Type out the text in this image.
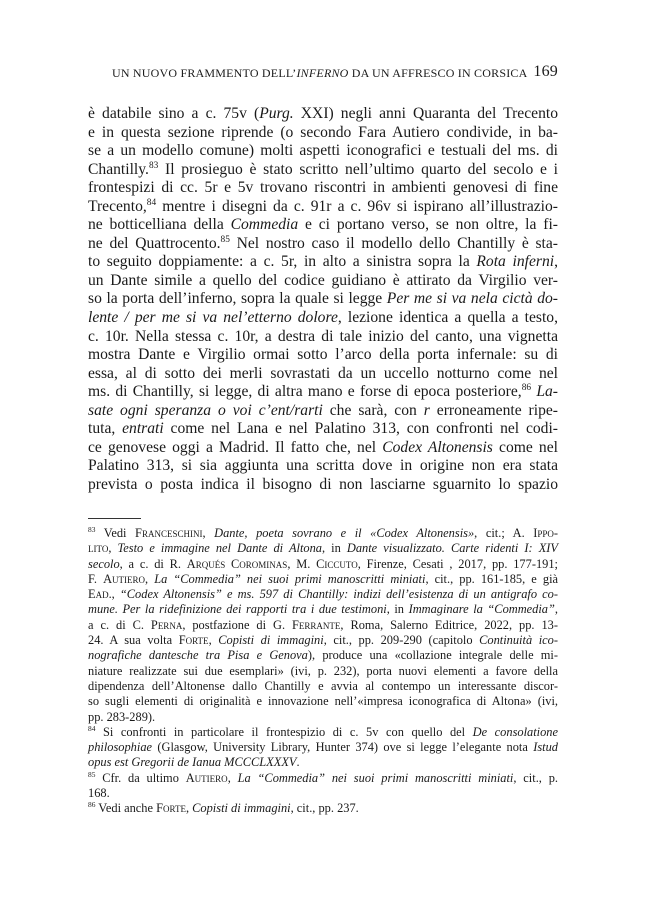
UN NUOVO FRAMMENTO DELL’INFERNO DA UN AFFRESCO IN CORSICA 169
è databile sino a c. 75v (Purg. XXI) negli anni Quaranta del Trecento
e in questa sezione riprende (o secondo Fara Autiero condivide, in ba-
se a un modello comune) molti aspetti iconografici e testuali del ms. di
Chantilly.$^{83}$ Il prosieguo è stato scritto nell’ultimo quarto del secolo e i
frontespizi di cc. 5r e 5v trovano riscontri in ambienti genovesi di fine
Trecento,$^{84}$ mentre i disegni da c. 91r a c. 96v si ispirano all’illustrazio-
ne botticelliana della Commedia e ci portano verso, se non oltre, la fi-
ne del Quattrocento.$^{85}$ Nel nostro caso il modello dello Chantilly è sta-
to seguito doppiamente: a c. 5r, in alto a sinistra sopra la Rota inferni,
un Dante simile a quello del codice guidiano è attirato da Virgilio ver-
so la porta dell’inferno, sopra la quale si legge Per me si va nela cictà do-
lente / per me si va nel’etterno dolore, lezione identica a quella a testo,
c. 10r. Nella stessa c. 10r, a destra di tale inizio del canto, una vignetta
mostra Dante e Virgilio ormai sotto l’arco della porta infernale: su di
essa, al di sotto dei merli sovrastati da un uccello notturno come nel
ms. di Chantilly, si legge, di altra mano e forse di epoca posteriore,$^{86}$ La-
sate ogni speranza o voi c’ent/rarti che sarà, con r erroneamente ripe-
tuta, entrati come nel Lana e nel Palatino 313, con confronti nel codi-
ce genovese oggi a Madrid. Il fatto che, nel Codex Altonensis come nel
Palatino 313, si sia aggiunta una scritta dove in origine non era stata
prevista o posta indica il bisogno di non lasciarne sguarnito lo spazio
$^{83}$ Vedi Franceschini, Dante, poeta sovrano e il «Codex Altonensis», cit.; A. Ippo-
lito, Testo e immagine nel Dante di Altona, in Dante visualizzato. Carte ridenti I: XIV
secolo, a c. di R. Arqués Corominas, M. Ciccuto, Firenze, Cesati , 2017, pp. 177-191;
F. Autiero, La “Commedia” nei suoi primi manoscritti miniati, cit., pp. 161-185, e già
Ead., “Codex Altonensis” e ms. 597 di Chantilly: indizi dell’esistenza di un antigrafo co-
mune. Per la ridefinizione dei rapporti tra i due testimoni, in Immaginare la “Commedia”,
a c. di C. Perna, postfazione di G. Ferrante, Roma, Salerno Editrice, 2022, pp. 13-
24. A sua volta Forte, Copisti di immagini, cit., pp. 209-290 (capitolo Continuità ico-
nografiche dantesche tra Pisa e Genova), produce una «collazione integrale delle mi-
niature realizzate sui due esemplari» (ivi, p. 232), porta nuovi elementi a favore della
dipendenza dell’Altonense dallo Chantilly e avvia al contempo un interessante discor-
so sugli elementi di originalità e innovazione nell’«impresa iconografica di Altona» (ivi,
pp. 283-289).
$^{84}$ Si confronti in particolare il frontespizio di c. 5v con quello del De consolatione
philosophiae (Glasgow, University Library, Hunter 374) ove si legge l’elegante nota Istud
opus est Gregorii de Ianua MCCCLXXXV.
$^{85}$ Cfr. da ultimo Autiero, La “Commedia” nei suoi primi manoscritti miniati, cit., p.
168.
$^{86}$ Vedi anche Forte, Copisti di immagini, cit., pp. 237.
